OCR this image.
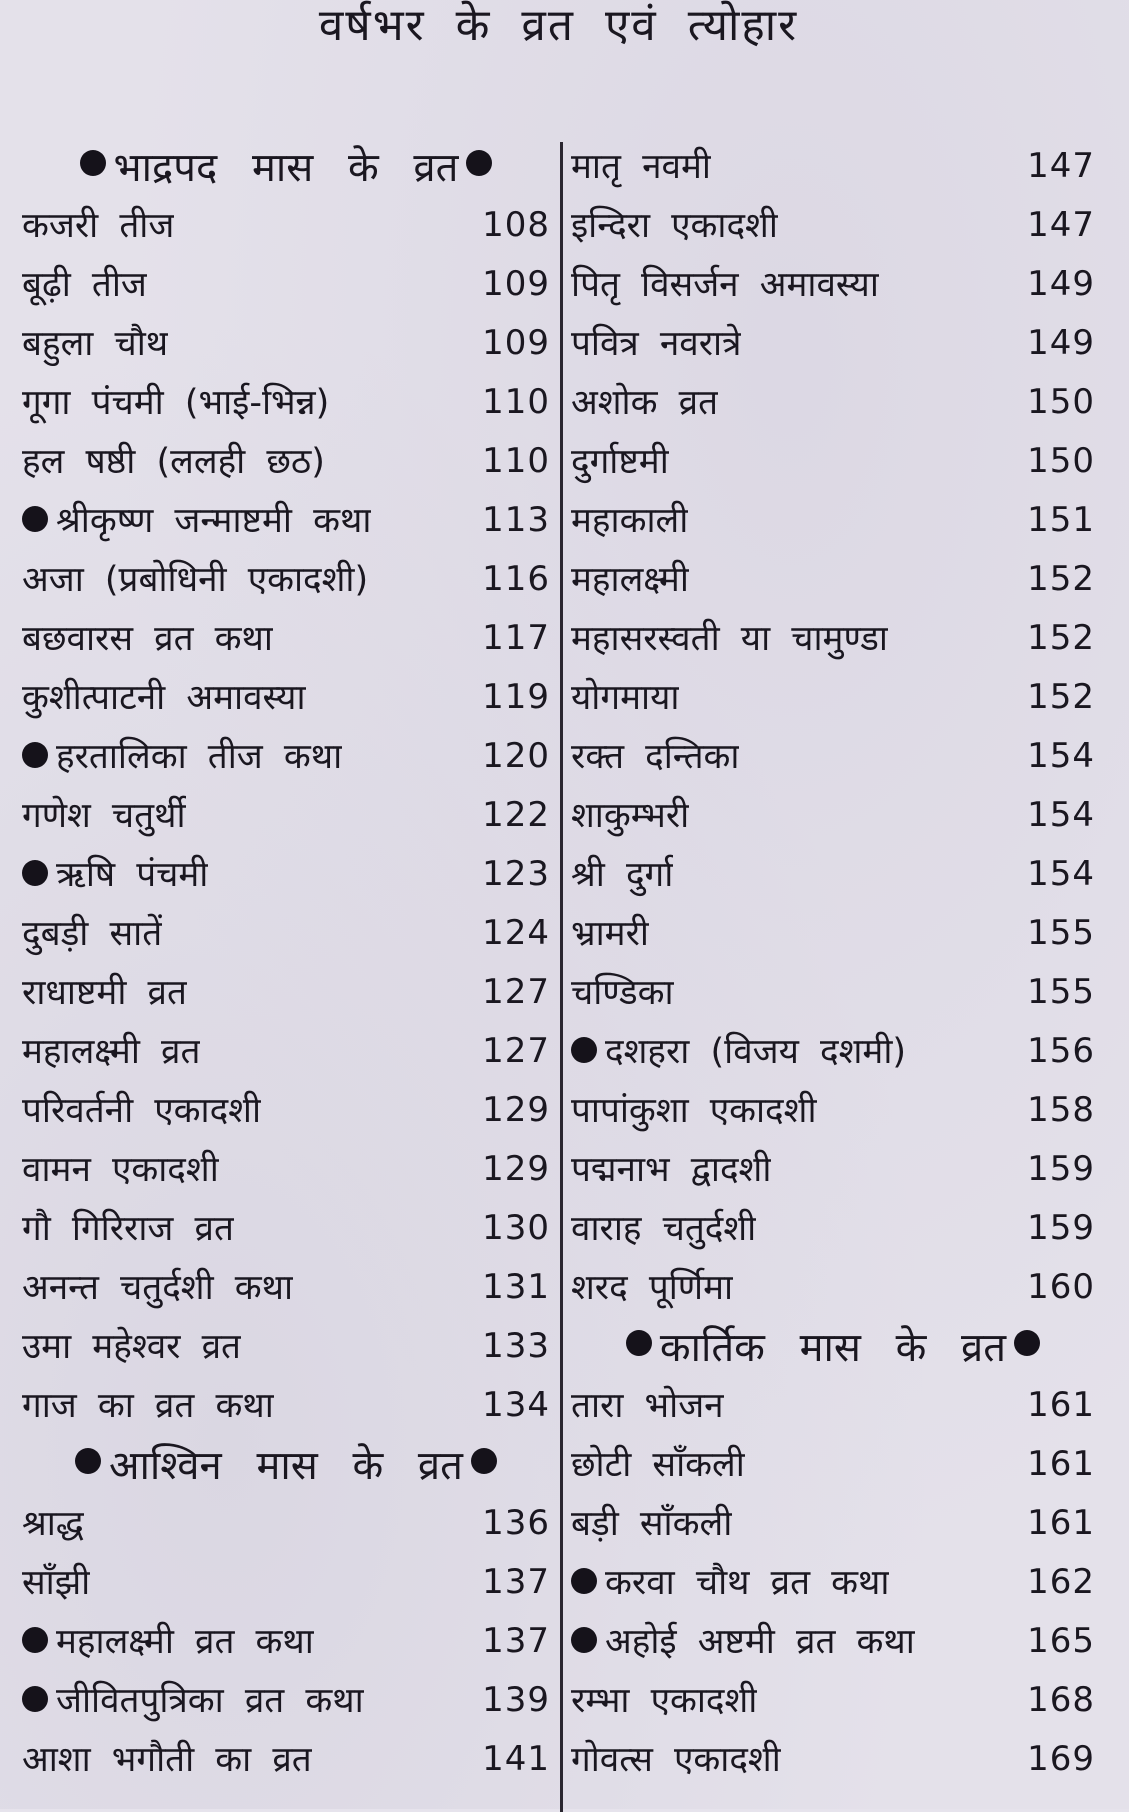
वर्षभर के व्रत एवं त्योहार
भाद्रपद मास के व्रत
कजरी तीज	108
बूढ़ी तीज	109
बहुला चौथ	109
गूगा पंचमी (भाई-भिन्न)	110
हल षष्ठी (ललही छठ)	110
श्रीकृष्ण जन्माष्टमी कथा	113
अजा (प्रबोधिनी एकादशी)	116
बछवारस व्रत कथा	117
कुशीत्पाटनी अमावस्या	119
हरतालिका तीज कथा	120
गणेश चतुर्थी	122
ऋषि पंचमी	123
दुबड़ी सातें	124
राधाष्टमी व्रत	127
महालक्ष्मी व्रत	127
परिवर्तनी एकादशी	129
वामन एकादशी	129
गौ गिरिराज व्रत	130
अनन्त चतुर्दशी कथा	131
उमा महेश्वर व्रत	133
गाज का व्रत कथा	134
आश्विन मास के व्रत
श्राद्ध	136
साँझी	137
महालक्ष्मी व्रत कथा	137
जीवितपुत्रिका व्रत कथा	139
आशा भगौती का व्रत	141
मातृ नवमी	147
इन्दिरा एकादशी	147
पितृ विसर्जन अमावस्या	149
पवित्र नवरात्रे	149
अशोक व्रत	150
दुर्गाष्टमी	150
महाकाली	151
महालक्ष्मी	152
महासरस्वती या चामुण्डा	152
योगमाया	152
रक्त दन्तिका	154
शाकुम्भरी	154
श्री दुर्गा	154
भ्रामरी	155
चण्डिका	155
दशहरा (विजय दशमी)	156
पापांकुशा एकादशी	158
पद्मनाभ द्वादशी	159
वाराह चतुर्दशी	159
शरद पूर्णिमा	160
कार्तिक मास के व्रत
तारा भोजन	161
छोटी साँकली	161
बड़ी साँकली	161
करवा चौथ व्रत कथा	162
अहोई अष्टमी व्रत कथा	165
रम्भा एकादशी	168
गोवत्स एकादशी	169
